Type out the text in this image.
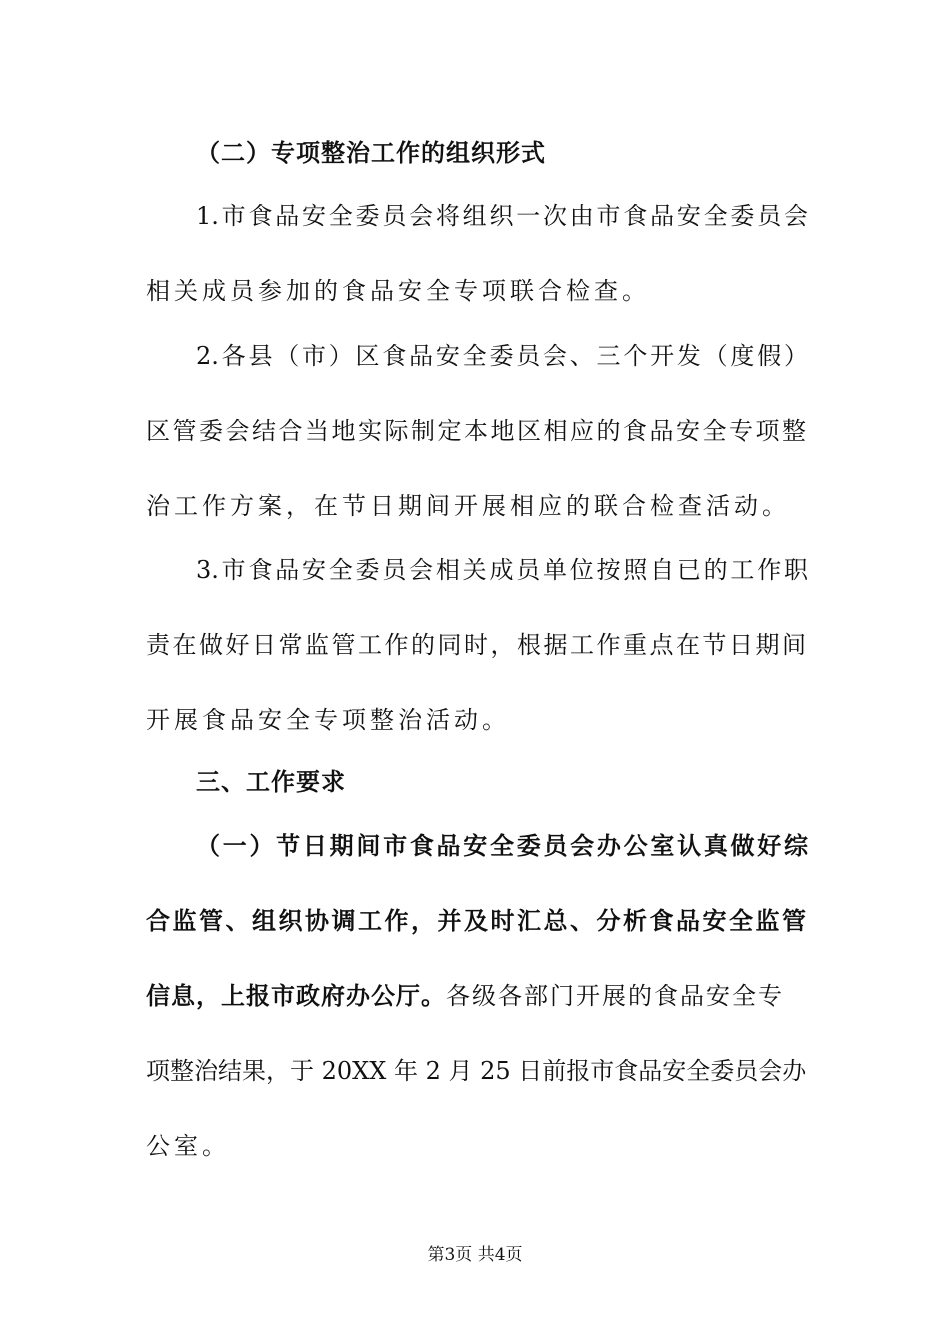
（二）专项整治工作的组织形式
1.市食品安全委员会将组织一次由市食品安全委员会
相关成员参加的食品安全专项联合检查。
2.各县（市）区食品安全委员会、三个开发（度假）
区管委会结合当地实际制定本地区相应的食品安全专项整
治工作方案，在节日期间开展相应的联合检查活动。
3.市食品安全委员会相关成员单位按照自已的工作职
责在做好日常监管工作的同时，根据工作重点在节日期间
开展食品安全专项整治活动。
三、工作要求
（一）节日期间市食品安全委员会办公室认真做好综
合监管、组织协调工作，并及时汇总、分析食品安全监管
信息，上报市政府办公厅。各级各部门开展的食品安全专
项整治结果，于 20XX 年 2 月 25 日前报市食品安全委员会办
公室。
第3页 共4页
